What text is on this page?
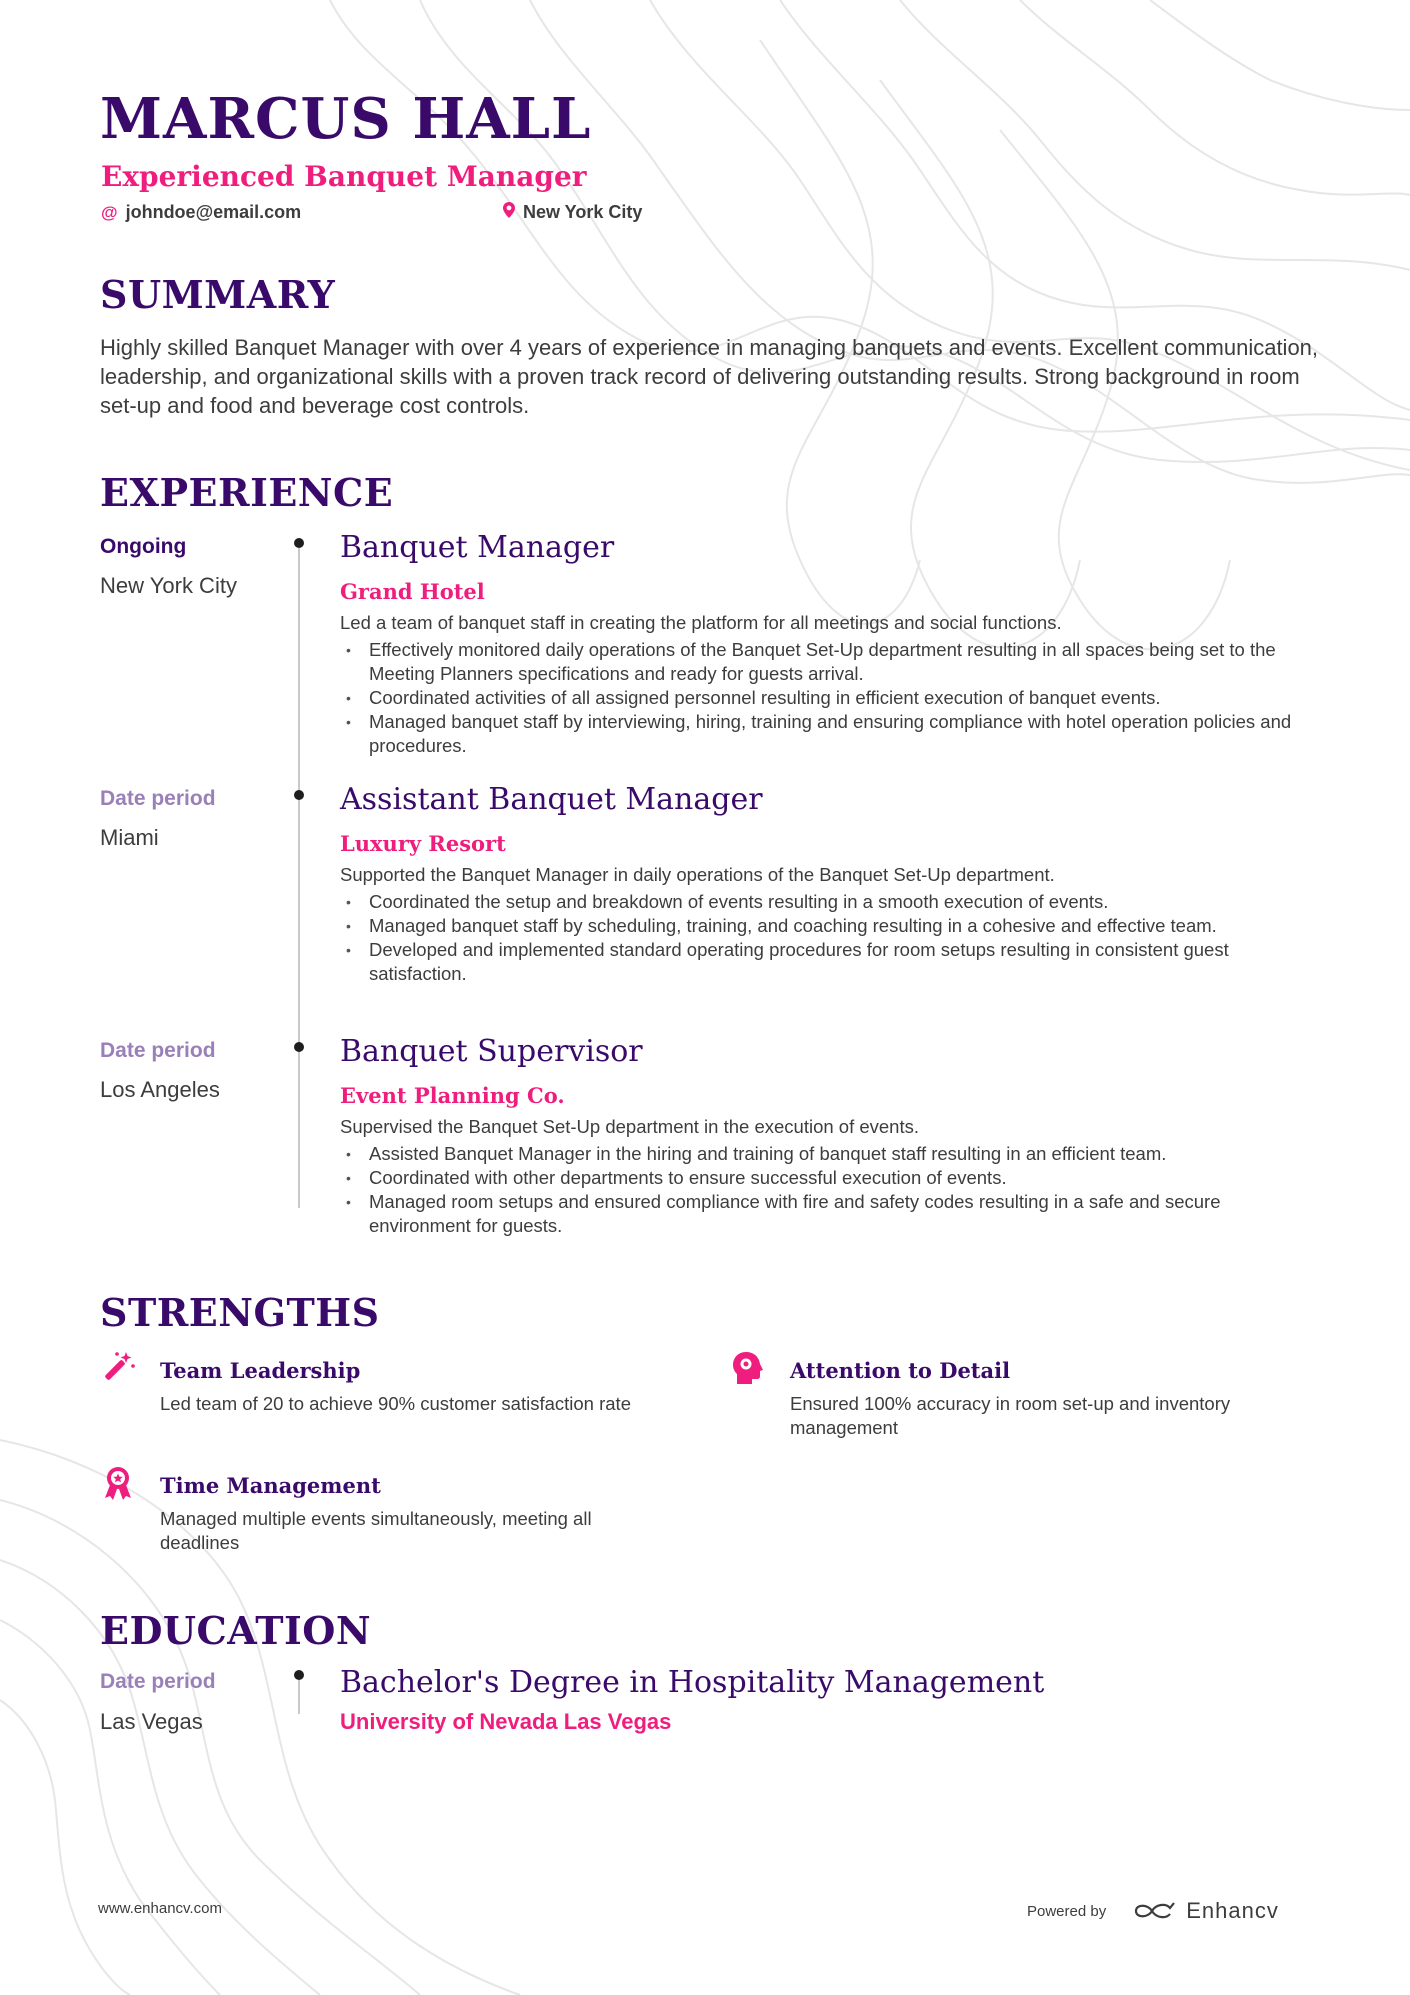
MARCUS HALL
Experienced Banquet Manager
@ johndoe@email.com	New York City
SUMMARY
Highly skilled Banquet Manager with over 4 years of experience in managing banquets and events. Excellent communication, leadership, and organizational skills with a proven track record of delivering outstanding results. Strong background in room set-up and food and beverage cost controls.
EXPERIENCE
Ongoing
New York City
Banquet Manager
Grand Hotel
Led a team of banquet staff in creating the platform for all meetings and social functions.
• Effectively monitored daily operations of the Banquet Set-Up department resulting in all spaces being set to the Meeting Planners specifications and ready for guests arrival.
• Coordinated activities of all assigned personnel resulting in efficient execution of banquet events.
• Managed banquet staff by interviewing, hiring, training and ensuring compliance with hotel operation policies and procedures.
Date period
Miami
Assistant Banquet Manager
Luxury Resort
Supported the Banquet Manager in daily operations of the Banquet Set-Up department.
• Coordinated the setup and breakdown of events resulting in a smooth execution of events.
• Managed banquet staff by scheduling, training, and coaching resulting in a cohesive and effective team.
• Developed and implemented standard operating procedures for room setups resulting in consistent guest satisfaction.
Date period
Los Angeles
Banquet Supervisor
Event Planning Co.
Supervised the Banquet Set-Up department in the execution of events.
• Assisted Banquet Manager in the hiring and training of banquet staff resulting in an efficient team.
• Coordinated with other departments to ensure successful execution of events.
• Managed room setups and ensured compliance with fire and safety codes resulting in a safe and secure environment for guests.
STRENGTHS
Team Leadership
Led team of 20 to achieve 90% customer satisfaction rate
Attention to Detail
Ensured 100% accuracy in room set-up and inventory management
Time Management
Managed multiple events simultaneously, meeting all deadlines
EDUCATION
Date period
Las Vegas
Bachelor's Degree in Hospitality Management
University of Nevada Las Vegas
www.enhancv.com	Powered by	Enhancv
